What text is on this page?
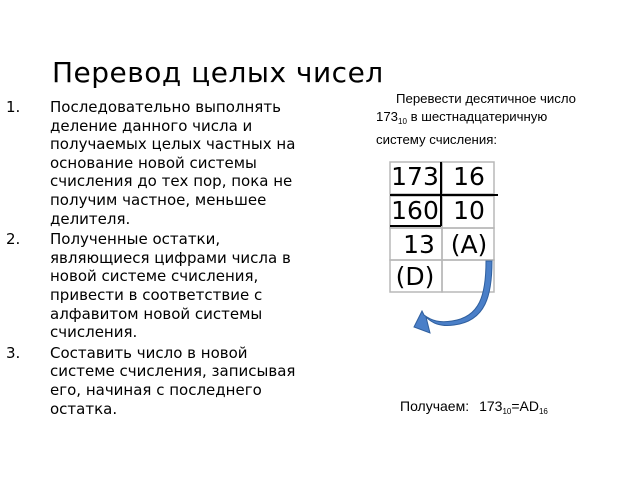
Перевод целых чисел
1. Последовательно выполнять деление данного числа и получаемых целых частных на основание новой системы счисления до тех пор, пока не получим частное, меньшее делителя.
2. Полученные остатки, являющиеся цифрами числа в новой системе счисления, привести в соответствие с алфавитом новой системы счисления.
3. Составить число в новой системе счисления, записывая его, начиная с последнего остатка.
Перевести десятичное число $173_{10}$ в шестнадцатеричную систему счисления:
173 16
160 10
13 (A)
(D)
Получаем: $173_{10}=AD_{16}$
